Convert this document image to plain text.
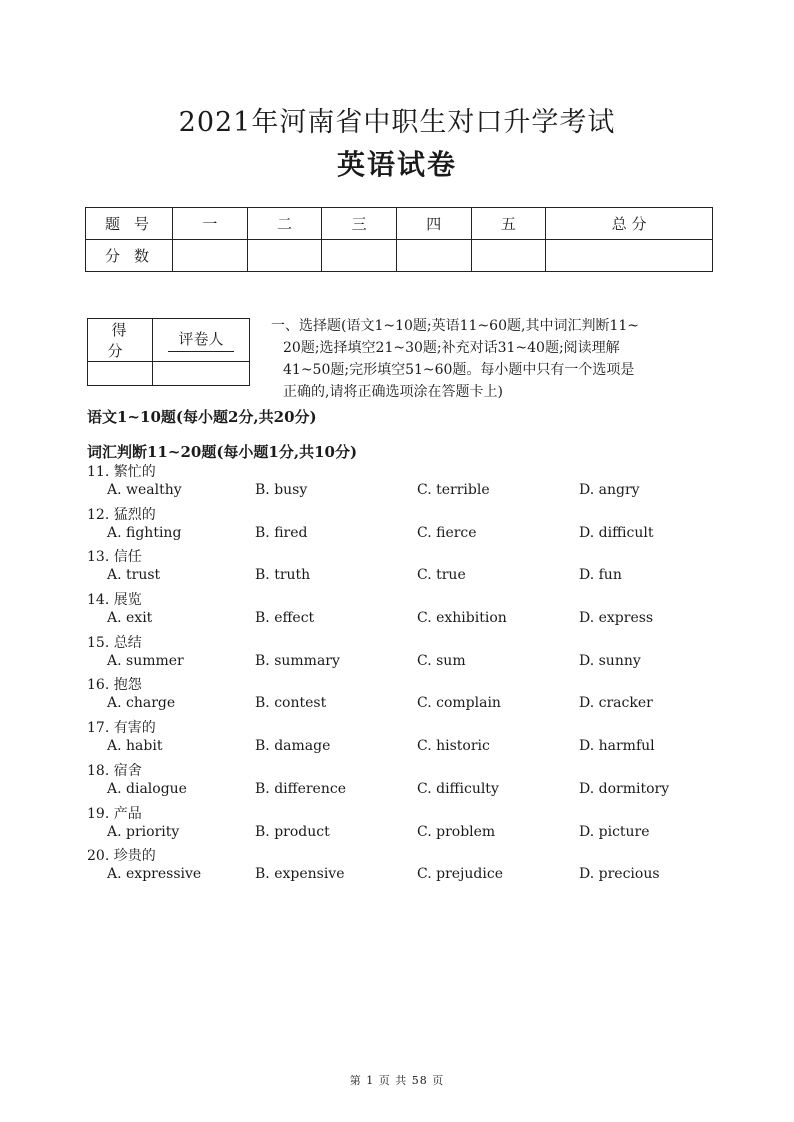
2021年河南省中职生对口升学考试
英语试卷
题号	一	二	三	四	五	总 分
分数						
得 分	评卷人

一、选择题(语文1~10题;英语11~60题,其中词汇判断11~
20题;选择填空21~30题;补充对话31~40题;阅读理解
41~50题;完形填空51~60题。每小题中只有一个选项是
正确的,请将正确选项涂在答题卡上)
语文1~10题(每小题2分,共20分)
词汇判断11~20题(每小题1分,共10分)
11. 繁忙的
A. wealthy	B. busy	C. terrible	D. angry
12. 猛烈的
A. fighting	B. fired	C. fierce	D. difficult
13. 信任
A. trust	B. truth	C. true	D. fun
14. 展览
A. exit	B. effect	C. exhibition	D. express
15. 总结
A. summer	B. summary	C. sum	D. sunny
16. 抱怨
A. charge	B. contest	C. complain	D. cracker
17. 有害的
A. habit	B. damage	C. historic	D. harmful
18. 宿舍
A. dialogue	B. difference	C. difficulty	D. dormitory
19. 产品
A. priority	B. product	C. problem	D. picture
20. 珍贵的
A. expressive	B. expensive	C. prejudice	D. precious
第 1 页 共 58 页
